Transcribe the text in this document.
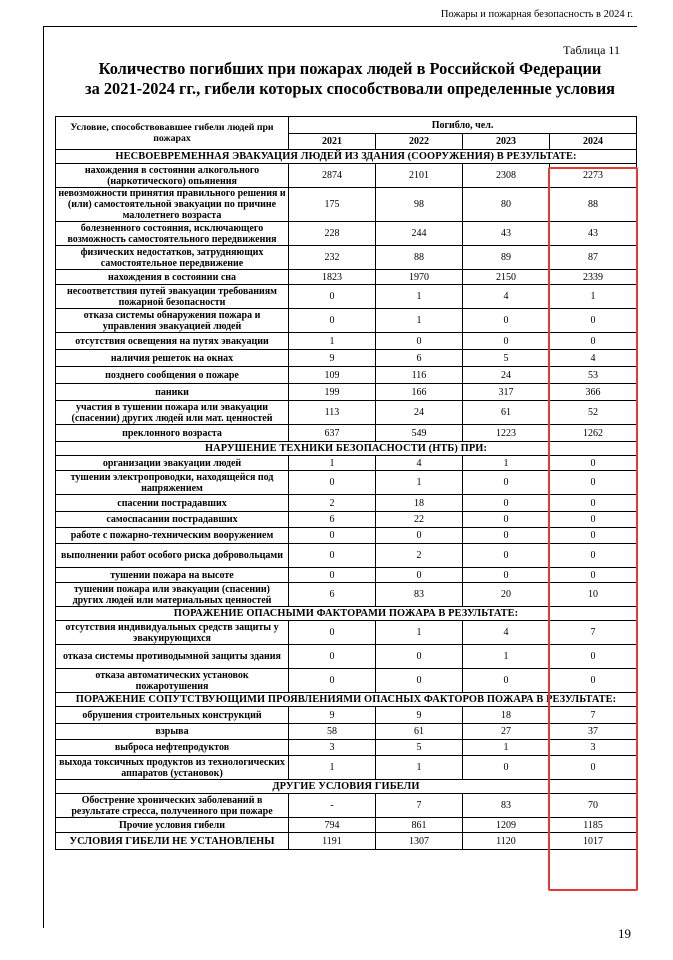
Пожары и пожарная безопасность в 2024 г.
Таблица 11
Количество погибших при пожарах людей в Российской Федерации
за 2021-2024 гг., гибели которых способствовали определенные условия
Условие, способствовавшее гибели людей при пожарах	Погибло, чел.			
	2021	2022	2023	2024
НЕСВОЕВРЕМЕННАЯ ЭВАКУАЦИЯ ЛЮДЕЙ ИЗ ЗДАНИЯ (СООРУЖЕНИЯ) В РЕЗУЛЬТАТЕ:				
нахождения в состоянии алкогольного (наркотического) опьянения	2874	2101	2308	2273
невозможности принятия правильного решения и (или) самостоятельной эвакуации по причине малолетнего возраста	175	98	80	88
болезненного состояния, исключающего возможность самостоятельного передвижения	228	244	43	43
физических недостатков, затрудняющих самостоятельное передвижение	232	88	89	87
нахождения в состоянии сна	1823	1970	2150	2339
несоответствия путей эвакуации требованиям пожарной безопасности	0	1	4	1
отказа системы обнаружения пожара и управления эвакуацией людей	0	1	0	0
отсутствия освещения на путях эвакуации	1	0	0	0
наличия решеток на окнах	9	6	5	4
позднего сообщения о пожаре	109	116	24	53
паники	199	166	317	366
участия в тушении пожара или эвакуации (спасении) других людей или мат. ценностей	113	24	61	52
преклонного возраста	637	549	1223	1262
НАРУШЕНИЕ ТЕХНИКИ БЕЗОПАСНОСТИ (НТБ) ПРИ:				
организации эвакуации людей	1	4	1	0
тушении электропроводки, находящейся под напряжением	0	1	0	0
спасении пострадавших	2	18	0	0
самоспасании пострадавших	6	22	0	0
работе с пожарно-техническим вооружением	0	0	0	0
выполнении работ особого риска добровольцами	0	2	0	0
тушении пожара на высоте	0	0	0	0
тушении пожара или эвакуации (спасении) других людей или материальных ценностей	6	83	20	10
ПОРАЖЕНИЕ ОПАСНЫМИ ФАКТОРАМИ ПОЖАРА В РЕЗУЛЬТАТЕ:				
отсутствия индивидуальных средств защиты у эвакуирующихся	0	1	4	7
отказа системы противодымной защиты здания	0	0	1	0
отказа автоматических установок пожаротушения	0	0	0	0
ПОРАЖЕНИЕ СОПУТСТВУЮЩИМИ ПРОЯВЛЕНИЯМИ ОПАСНЫХ ФАКТОРОВ ПОЖАРА В РЕЗУЛЬТАТЕ:				
обрушения строительных конструкций	9	9	18	7
взрыва	58	61	27	37
выброса нефтепродуктов	3	5	1	3
выхода токсичных продуктов из технологических аппаратов (установок)	1	1	0	0
ДРУГИЕ УСЛОВИЯ ГИБЕЛИ				
Обострение хронических заболеваний в результате стресса, полученного при пожаре	-	7	83	70
Прочие условия гибели	794	861	1209	1185
УСЛОВИЯ ГИБЕЛИ НЕ УСТАНОВЛЕНЫ	1191	1307	1120	1017
19
